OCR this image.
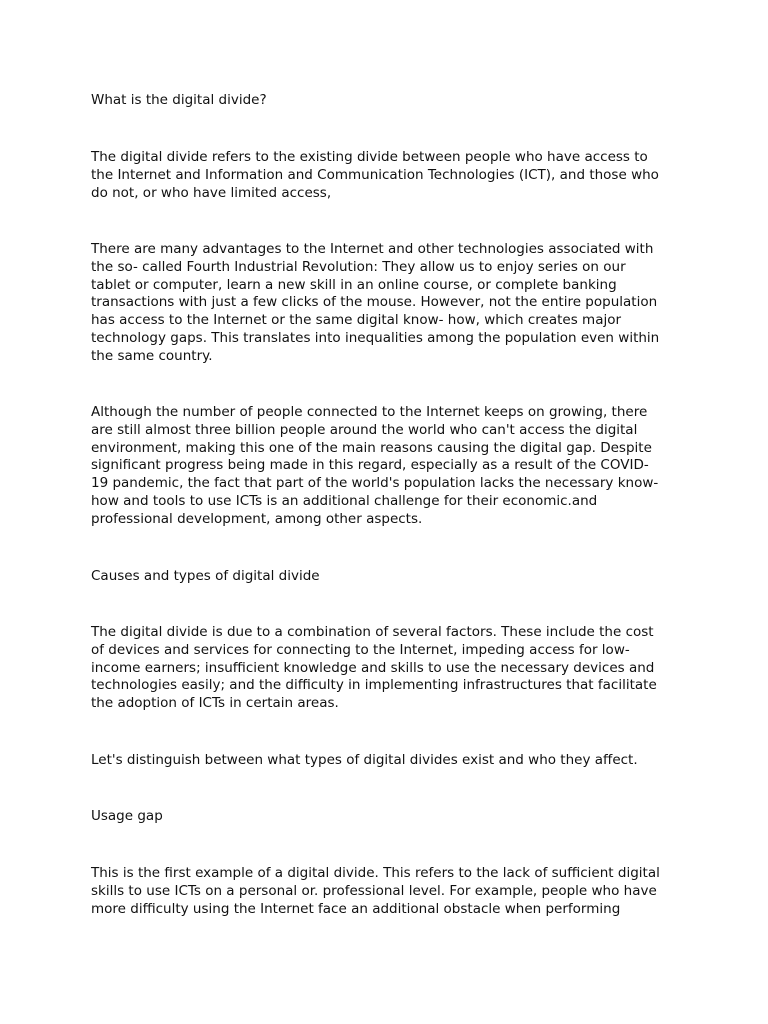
What is the digital divide?

The digital divide refers to the existing divide between people who have access to
the Internet and Information and Communication Technologies (ICT), and those who
do not, or who have limited access,

There are many advantages to the Internet and other technologies associated with
the so- called Fourth Industrial Revolution: They allow us to enjoy series on our
tablet or computer, learn a new skill in an online course, or complete banking
transactions with just a few clicks of the mouse. However, not the entire population
has access to the Internet or the same digital know- how, which creates major
technology gaps. This translates into inequalities among the population even within
the same country.

Although the number of people connected to the Internet keeps on growing, there
are still almost three billion people around the world who can't access the digital
environment, making this one of the main reasons causing the digital gap. Despite
significant progress being made in this regard, especially as a result of the COVID-
19 pandemic, the fact that part of the world's population lacks the necessary know-
how and tools to use ICTs is an additional challenge for their economic.and
professional development, among other aspects.

Causes and types of digital divide

The digital divide is due to a combination of several factors. These include the cost
of devices and services for connecting to the Internet, impeding access for low-
income earners; insufficient knowledge and skills to use the necessary devices and
technologies easily; and the difficulty in implementing infrastructures that facilitate
the adoption of ICTs in certain areas.

Let's distinguish between what types of digital divides exist and who they affect.

Usage gap

This is the first example of a digital divide. This refers to the lack of sufficient digital
skills to use ICTs on a personal or. professional level. For example, people who have
more difficulty using the Internet face an additional obstacle when performing
